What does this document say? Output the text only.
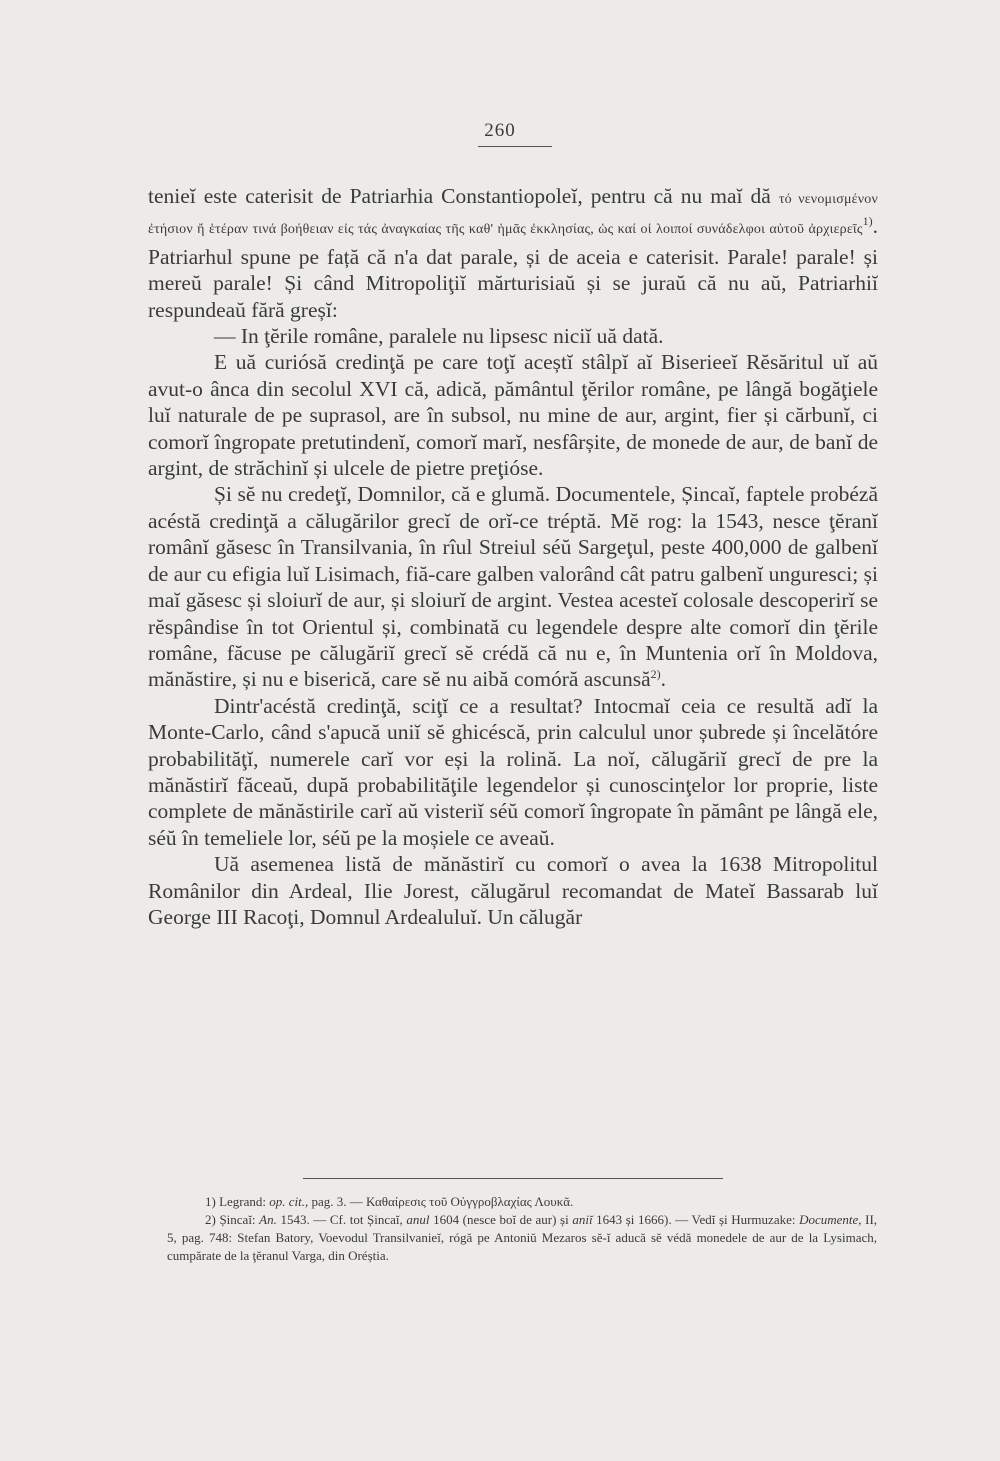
260

tenieĭ este caterisit de Patriarhia Constantiopoleĭ, pentru că nu maĭ dă τό νενομισμένον ἐτήσιον ἤ ἑτέραν τινά βοήθειαν εἰς τάς ἀναγκαίας τῆς καθ' ἡμᾶς ἐκκλησίας, ὡς καί οἱ λοιποί συνάδελφοι αὐτοῦ ἀρχιερεῖς$^{1)}$. Patriarhul spune pe față că n'a dat parale, și de aceia e caterisit. Parale! parale! și mereŭ parale! Și când Mitropoliţiĭ mărturisiaŭ și se juraŭ că nu aŭ, Patriarhiĭ respundeaŭ fără greșĭ:

— In ţĕrile române, paralele nu lipsesc niciĭ uă dată.

E uă curiósă credinţă pe care toţĭ aceștĭ stâlpĭ aĭ Biserieeĭ Rĕsăritul uĭ aŭ avut-o ânca din secolul XVI că, adică, pământul ţĕrilor române, pe lângă bogăţiele luĭ naturale de pe suprasol, are în subsol, nu mine de aur, argint, fier și cărbunĭ, ci comorĭ îngropate pretutindenĭ, comorĭ marĭ, nesfârșite, de monede de aur, de banĭ de argint, de străchinĭ și ulcele de pietre preţióse.

Și sĕ nu credeţĭ, Domnilor, că e glumă. Documentele, Șincaĭ, faptele probéză acéstă credinţă a călugărilor grecĭ de orĭ-ce tréptă. Mĕ rog: la 1543, nesce ţĕranĭ românĭ găsesc în Transilvania, în rîul Streiul séŭ Sargeţul, peste 400,000 de galbenĭ de aur cu efigia luĭ Lisimach, fiă-care galben valorând cât patru galbenĭ unguresci; și maĭ găsesc și sloiurĭ de aur, și sloiurĭ de argint. Vestea acesteĭ colosale descoperirĭ se rĕspândise în tot Orientul și, combinată cu legendele despre alte comorĭ din ţĕrile române, făcuse pe călugăriĭ grecĭ sĕ crédă că nu e, în Muntenia orĭ în Moldova, mănăstire, și nu e biserică, care sĕ nu aibă comóră ascunsă$^{2)}$.

Dintr'acéstă credinţă, sciţĭ ce a resultat? Intocmaĭ ceia ce resultă adĭ la Monte-Carlo, când s'apucă uniĭ sĕ ghicéscă, prin calculul unor șubrede și încelătóre probabilităţĭ, numerele carĭ vor eși la rolină. La noĭ, călugăriĭ grecĭ de pre la mănăstirĭ făceaŭ, după probabilităţile legendelor și cunoscinţelor lor proprie, liste complete de mănăstirile carĭ aŭ visteriĭ séŭ comorĭ îngropate în pământ pe lângă ele, séŭ în temeliele lor, séŭ pe la moșiele ce aveaŭ.

Uă asemenea listă de mănăstirĭ cu comorĭ o avea la 1638 Mitropolitul Românilor din Ardeal, Ilie Jorest, călugărul recomandat de Mateĭ Bassarab luĭ George III Racoţi, Domnul Ardealuluĭ. Un călugăr

1) Legrand: op. cit., pag. 3. — Καθαίρεσις τοῦ Οὐγγροβλαχίας Λουκᾶ.

2) Șincaĭ: An. 1543. — Cf. tot Șincaĭ, anul 1604 (nesce boĭ de aur) și aniĭ 1643 și 1666). — Vedĭ și Hurmuzake: Documente, II, 5, pag. 748: Stefan Batory, Voevodul Transilvanieĭ, rógă pe Antoniŭ Mezaros sĕ-ĭ aducă sĕ védă monedele de aur de la Lysimach, cumpărate de la ţĕranul Varga, din Oréștia.
